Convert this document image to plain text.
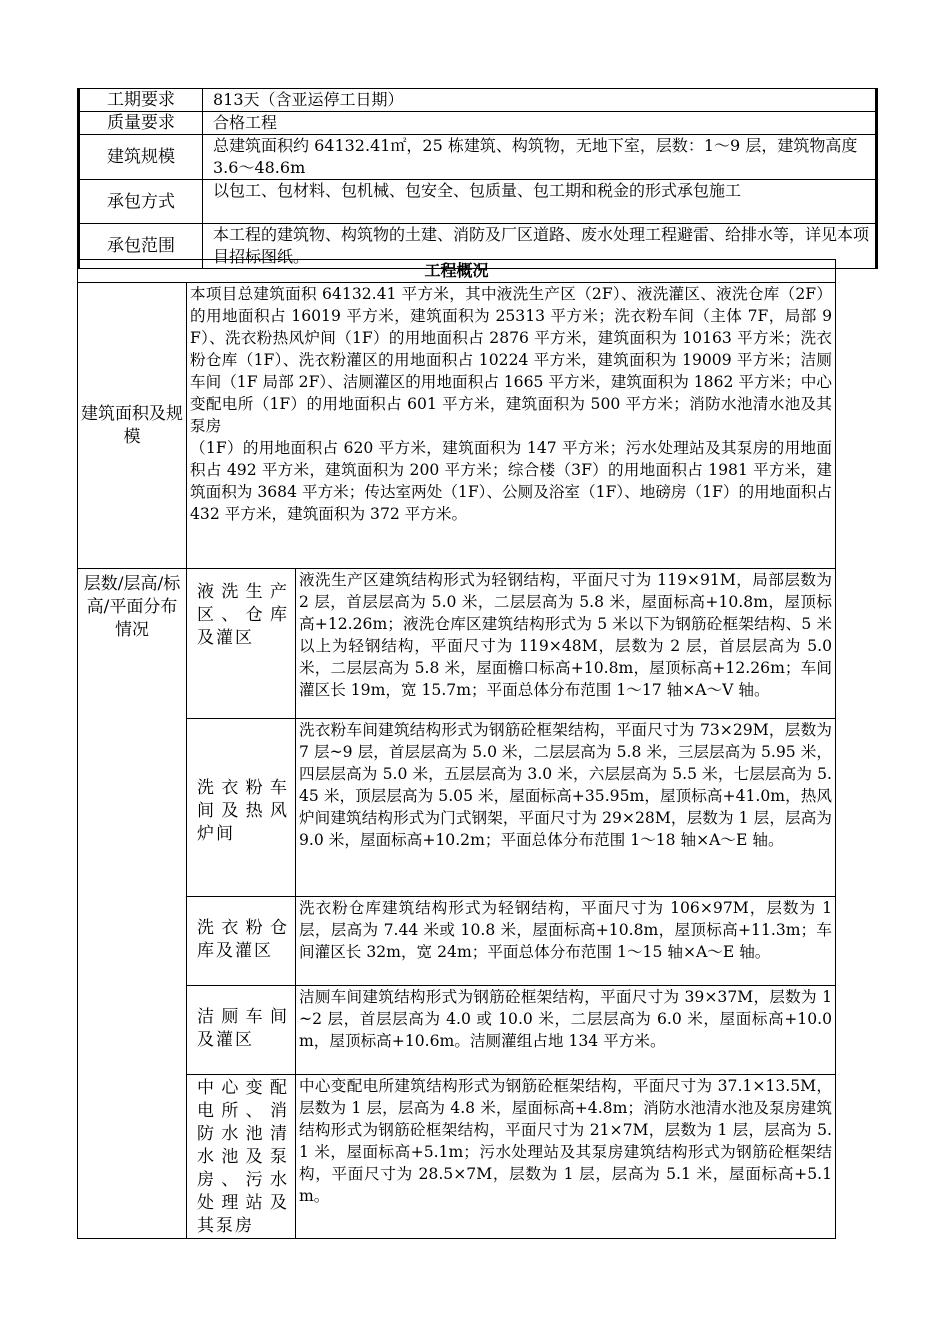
工期要求	813天（含亚运停工日期）
质量要求	合格工程
建筑规模	总建筑面积约 64132.41㎡，25 栋建筑、构筑物，无地下室，层数：1～9 层，建筑物高度 3.6～48.6m
承包方式	以包工、包材料、包机械、包安全、包质量、包工期和税金的形式承包施工
承包范围	本工程的建筑物、构筑物的土建、消防及厂区道路、废水处理工程避雷、给排水等，详见本项目招标图纸。
工程概况		
建筑面积及规模	本项目总建筑面积 64132.41 平方米，其中液洗生产区（2F）、液洗灌区、液洗仓库（2F）的用地面积占 16019 平方米，建筑面积为 25313 平方米；洗衣粉车间（主体 7F，局部 9F）、洗衣粉热风炉间（1F）的用地面积占 2876 平方米，建筑面积为 10163 平方米；洗衣粉仓库（1F）、洗衣粉灌区的用地面积占 10224 平方米，建筑面积为 19009 平方米；洁厕车间（1F 局部 2F）、洁厕灌区的用地面积占 1665 平方米，建筑面积为 1862 平方米；中心变配电所（1F）的用地面积占 601 平方米，建筑面积为 500 平方米；消防水池清水池及其泵房
（1F）的用地面积占 620 平方米，建筑面积为 147 平方米；污水处理站及其泵房的用地面积占 492 平方米，建筑面积为 200 平方米；综合楼（3F）的用地面积占 1981 平方米，建筑面积为 3684 平方米；传达室两处（1F）、公厕及浴室（1F）、地磅房（1F）的用地面积占 432 平方米，建筑面积为 372 平方米。	

层数/层高/标高/平面分布情况	液洗生产区、仓库及灌区	液洗生产区建筑结构形式为轻钢结构，平面尺寸为 119×91M，局部层数为 2 层，首层层高为 5.0 米，二层层高为 5.8 米，屋面标高+10.8m，屋顶标高+12.26m；液洗仓库区建筑结构形式为 5 米以下为钢筋砼框架结构、5 米以上为轻钢结构，平面尺寸为 119×48M，层数为 2 层，首层层高为 5.0 米，二层层高为 5.8 米，屋面檐口标高+10.8m，屋顶标高+12.26m；车间灌区长 19m，宽 15.7m；平面总体分布范围 1～17 轴×A～V 轴。
	洗衣粉车间及热风炉间	洗衣粉车间建筑结构形式为钢筋砼框架结构，平面尺寸为 73×29M，层数为 7 层~9 层，首层层高为 5.0 米，二层层高为 5.8 米，三层层高为 5.95 米，四层层高为 5.0 米，五层层高为 3.0 米，六层层高为 5.5 米，七层层高为 5.45 米，顶层层高为 5.05 米，屋面标高+35.95m，屋顶标高+41.0m，热风炉间建筑结构形式为门式钢架，平面尺寸为 29×28M，层数为 1 层，层高为 9.0 米，屋面标高+10.2m；平面总体分布范围 1～18 轴×A～E 轴。
	洗衣粉仓库及灌区	洗衣粉仓库建筑结构形式为轻钢结构，平面尺寸为 106×97M，层数为 1 层，层高为 7.44 米或 10.8 米，屋面标高+10.8m，屋顶标高+11.3m；车间灌区长 32m，宽 24m；平面总体分布范围 1～15 轴×A～E 轴。
	洁厕车间及灌区	洁厕车间建筑结构形式为钢筋砼框架结构，平面尺寸为 39×37M，层数为 1~2 层，首层层高为 4.0 或 10.0 米，二层层高为 6.0 米，屋面标高+10.0m，屋顶标高+10.6m。洁厕灌组占地 134 平方米。
	中心变配电所、消防水池清水池及泵房、污水处理站及其泵房	中心变配电所建筑结构形式为钢筋砼框架结构，平面尺寸为 37.1×13.5M，层数为 1 层，层高为 4.8 米，屋面标高+4.8m；消防水池清水池及泵房建筑结构形式为钢筋砼框架结构，平面尺寸为 21×7M，层数为 1 层，层高为 5.1 米，屋面标高+5.1m；污水处理站及其泵房建筑结构形式为钢筋砼框架结构，平面尺寸为 28.5×7M，层数为 1 层，层高为 5.1 米，屋面标高+5.1m。
